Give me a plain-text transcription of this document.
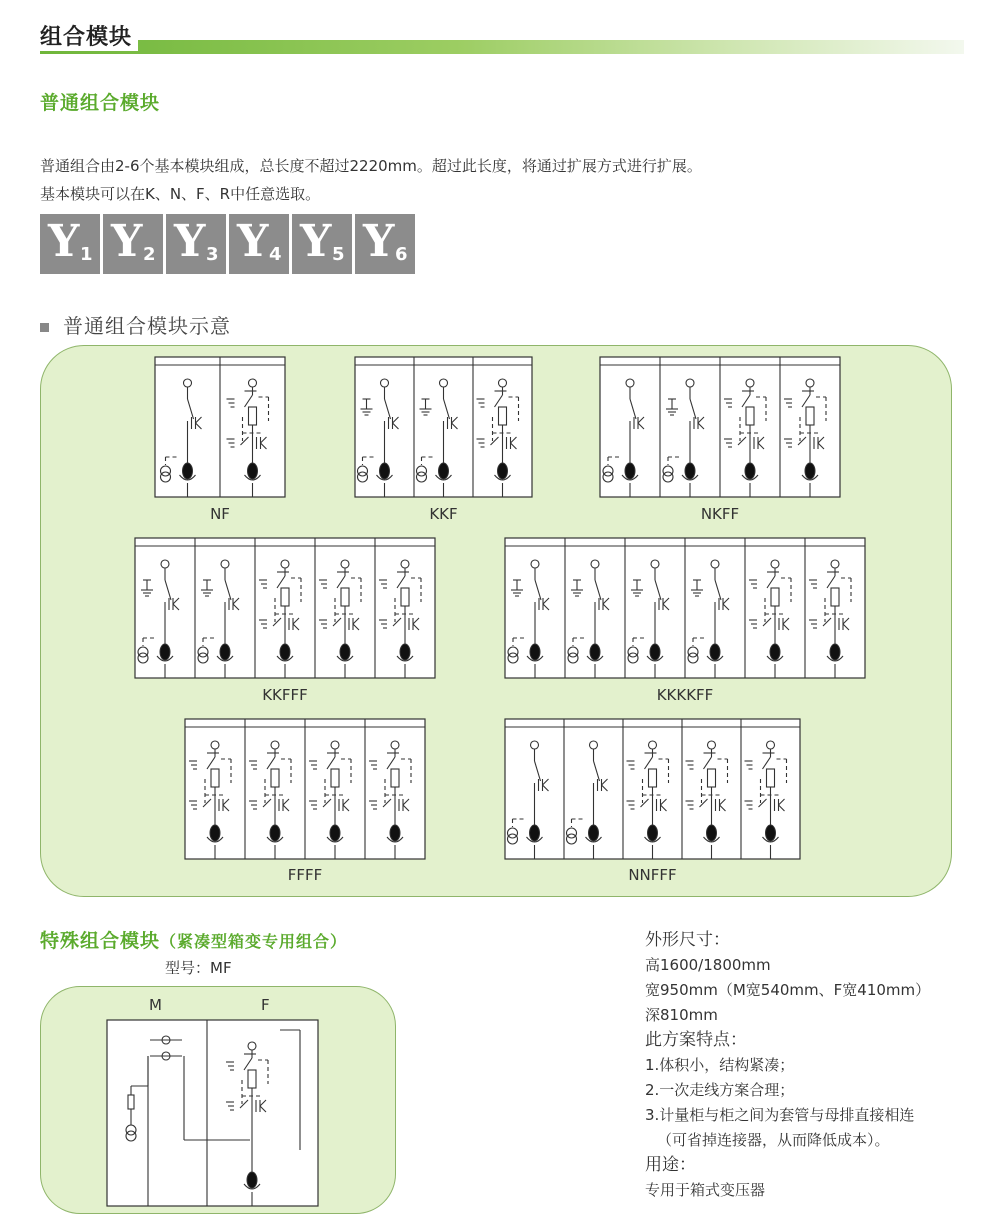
组合模块
普通组合模块
普通组合由2-6个基本模块组成，总长度不超过2220mm。超过此长度，将通过扩展方式进行扩展。
基本模块可以在K、N、F、R中任意选取。
Y 1 Y 2 Y 3 Y 4 Y 5 Y 6
普通组合模块示意
特殊组合模块（紧凑型箱变专用组合）
型号：MF
M	F
NF	KKF	NKFF
KKFFF	KKKKFF
FFFF	NNFFF
外形尺寸：
高1600/1800mm
宽950mm（M宽540mm、F宽410mm）
深810mm
此方案特点：
1.体积小，结构紧凑；
2.一次走线方案合理；
3.计量柜与柜之间为套管与母排直接相连
（可省掉连接器，从而降低成本）。
用途：
专用于箱式变压器
